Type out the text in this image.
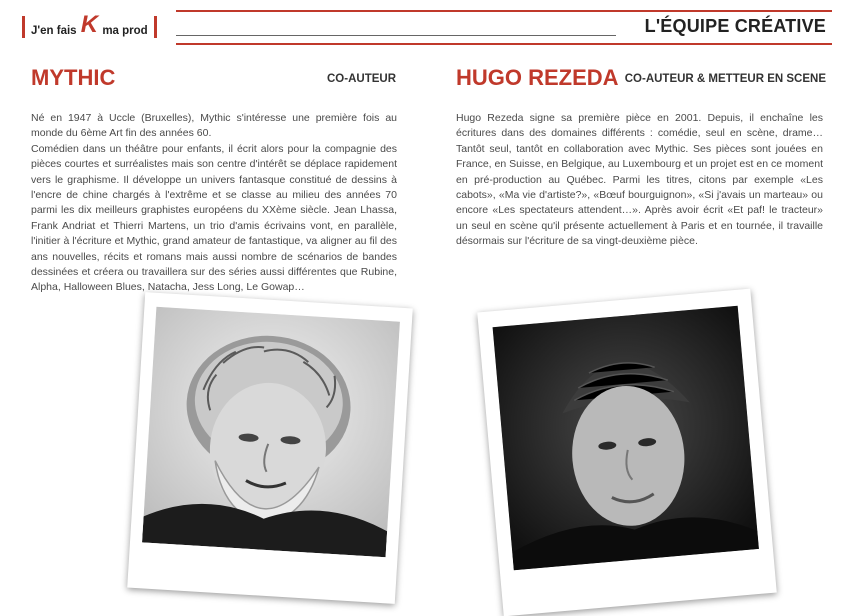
J'en fais K ma prod	L'ÉQUIPE CRÉATIVE
MYTHIC	CO-AUTEUR

Né en 1947 à Uccle (Bruxelles), Mythic s'intéresse une première fois au monde du 6ème Art fin des années 60.
Comédien dans un théâtre pour enfants, il écrit alors pour la compagnie des pièces courtes et surréalistes mais son centre d'intérêt se déplace rapidement vers le graphisme. Il développe un univers fantasque constitué de dessins à l'encre de chine chargés à l'extrême et se classe au milieu des années 70 parmi les dix meilleurs graphistes européens du XXème siècle. Jean Lhassa, Frank Andriat et Thierri Martens, un trio d'amis écrivains vont, en parallèle, l'initier à l'écriture et Mythic, grand amateur de fantastique, va aligner au fil des ans nouvelles, récits et romans mais aussi nombre de scénarios de bandes dessinées et créera ou travaillera sur des séries aussi différentes que Rubine, Alpha, Halloween Blues, Natacha, Jess Long, Le Gowap…

HUGO REZEDA CO-AUTEUR & METTEUR EN SCENE

Hugo Rezeda signe sa première pièce en 2001. Depuis, il enchaîne les écritures dans des domaines différents : comédie, seul en scène, drame… Tantôt seul, tantôt en collaboration avec Mythic. Ses pièces sont jouées en France, en Suisse, en Belgique, au Luxembourg et un projet est en ce moment en pré-production au Québec. Parmi les titres, citons par exemple «Les cabots», «Ma vie d'artiste?», «Bœuf bourguignon», «Si j'avais un marteau» ou encore «Les spectateurs attendent…». Après avoir écrit «Et paf! le tracteur» un seul en scène qu'il présente actuellement à Paris et en tournée, il travaille désormais sur l'écriture de sa vingt-deuxième pièce.
